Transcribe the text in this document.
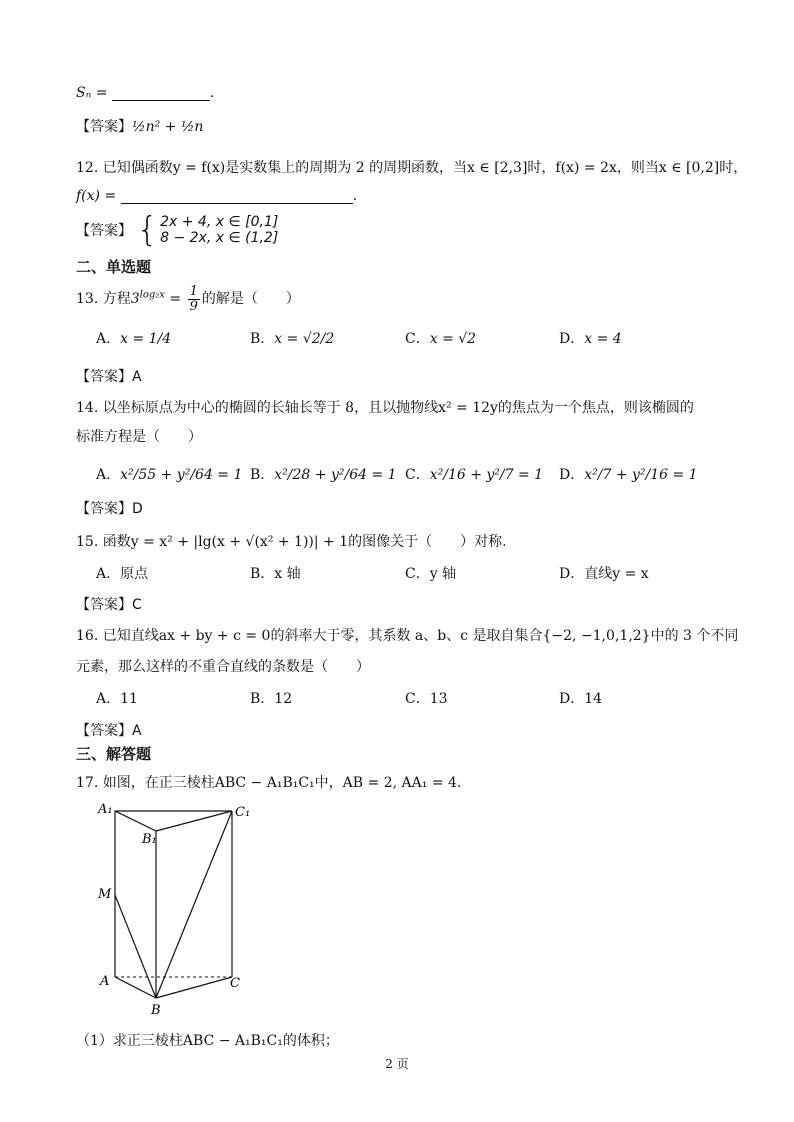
Sₙ =	.
【答案】½n² + ½n
12. 已知偶函数y = f(x)是实数集上的周期为 2 的周期函数，当x ∈ [2,3]时，f(x) = 2x，则当x ∈ [0,2]时，
f(x) =	.
【答案】 { 2x + 4, x ∈ [0,1]
8 − 2x, x ∈ (1,2]
二、单选题
13. 方程$3^{log_2x} = \frac{1}{9}$ 的解是（　　）
A．x = 1/4	B．x = √2/2	C．x = √2	D．x = 4
【答案】A
14. 以坐标原点为中心的椭圆的长轴长等于 8，且以抛物线x² = 12y的焦点为一个焦点，则该椭圆的
标准方程是（　　）
A．x²/55 + y²/64 = 1 B．x²/28 + y²/64 = 1 C．x²/16 + y²/7 = 1 D．x²/7 + y²/16 = 1
【答案】D
15. 函数y = x² + |lg(x + √(x² + 1))| + 1的图像关于（　　）对称.
A．原点	B．x 轴	C．y 轴	D．直线y = x
【答案】C
16. 已知直线ax + by + c = 0的斜率大于零，其系数 a、b、c 是取自集合{−2, −1,0,1,2}中的 3 个不同
元素，那么这样的不重合直线的条数是（　　）
A．11	B．12	C．13	D．14
【答案】A
三、解答题
17. 如图，在正三棱柱ABC − A₁B₁C₁中，AB = 2, AA₁ = 4.
A₁	C₁
B₁
M
A	C
B
（1）求正三棱柱ABC − A₁B₁C₁的体积；
2 页
